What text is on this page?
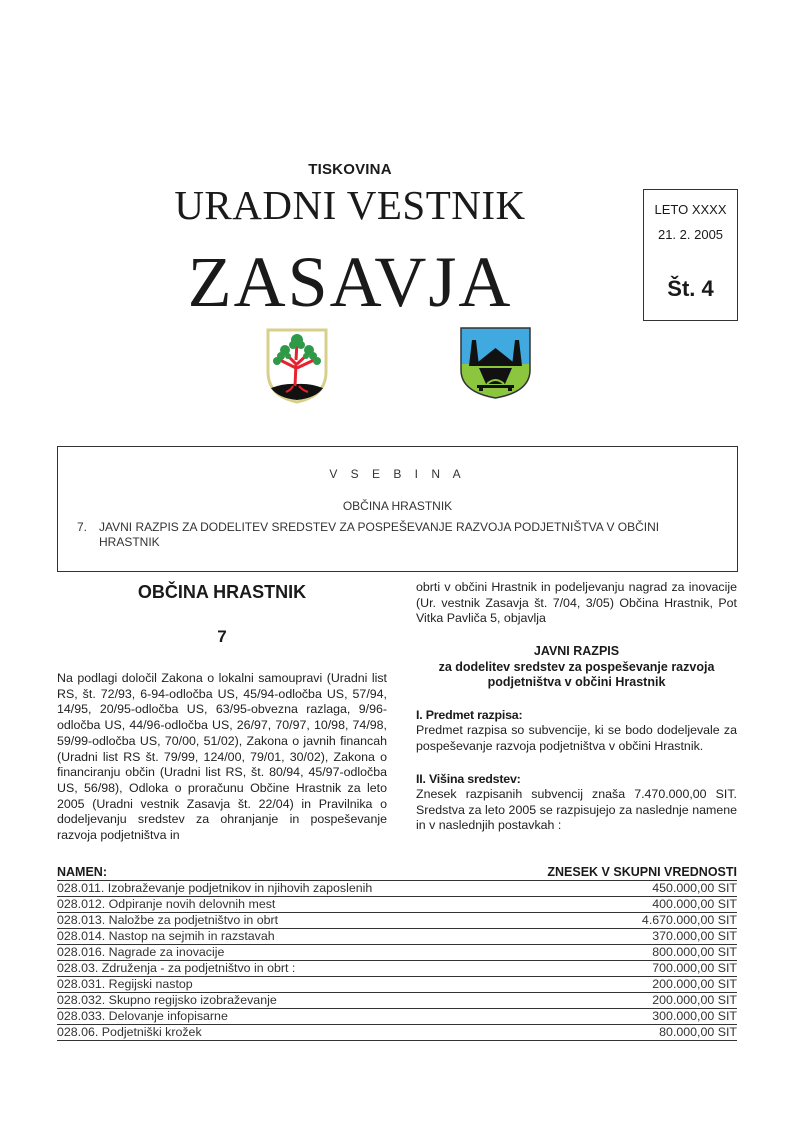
TISKOVINA
URADNI VESTNIK
ZASAVJA
LETO XXXX
21. 2. 2005
Št. 4
V S E B I N A
OBČINA HRASTNIK
7. JAVNI RAZPIS ZA DODELITEV SREDSTEV ZA POSPEŠEVANJE RAZVOJA PODJETNIŠTVA V OBČINI HRASTNIK
OBČINA HRASTNIK
7

Na podlagi določil Zakona o lokalni samoupravi (Uradni list RS, št. 72/93, 6-94-odločba US, 45/94-odločba US, 57/94, 14/95, 20/95-odločba US, 63/95-obvezna razlaga, 9/96-odločba US, 44/96-odločba US, 26/97, 70/97, 10/98, 74/98, 59/99-odločba US, 70/00, 51/02), Zakona o javnih financah (Uradni list RS št. 79/99, 124/00, 79/01, 30/02), Zakona o financiranju občin (Uradni list RS, št. 80/94, 45/97-odločba US, 56/98), Odloka o proračunu Občine Hrastnik za leto 2005 (Uradni vestnik Zasavja št. 22/04) in Pravilnika o dodeljevanju sredstev za ohranjanje in pospeševanje razvoja podjetništva in

obrti v občini Hrastnik in podeljevanju nagrad za inovacije (Ur. vestnik Zasavja št. 7/04, 3/05) Občina Hrastnik, Pot Vitka Pavliča 5, objavlja

JAVNI RAZPIS
za dodelitev sredstev za pospeševanje razvoja podjetništva v občini Hrastnik
I. Predmet razpisa:

Predmet razpisa so subvencije, ki se bodo dodeljevale za pospeševanje razvoja podjetništva v občini Hrastnik.

II. Višina sredstev:

Znesek razpisanih subvencij znaša 7.470.000,00 SIT. Sredstva za leto 2005 se razpisujejo za naslednje namene in v naslednjih postavkah :

NAMEN:	ZNESEK V SKUPNI VREDNOSTI
028.011. Izobraževanje podjetnikov in njihovih zaposlenih	450.000,00 SIT
028.012. Odpiranje novih delovnih mest	400.000,00 SIT
028.013. Naložbe za podjetništvo in obrt	4.670.000,00 SIT
028.014. Nastop na sejmih in razstavah	370.000,00 SIT
028.016. Nagrade za inovacije	800.000,00 SIT
028.03. Združenja - za podjetništvo in obrt :	700.000,00 SIT
028.031. Regijski nastop	200.000,00 SIT
028.032. Skupno regijsko izobraževanje	200.000,00 SIT
028.033. Delovanje infopisarne	300.000,00 SIT
028.06. Podjetniški krožek	80.000,00 SIT
